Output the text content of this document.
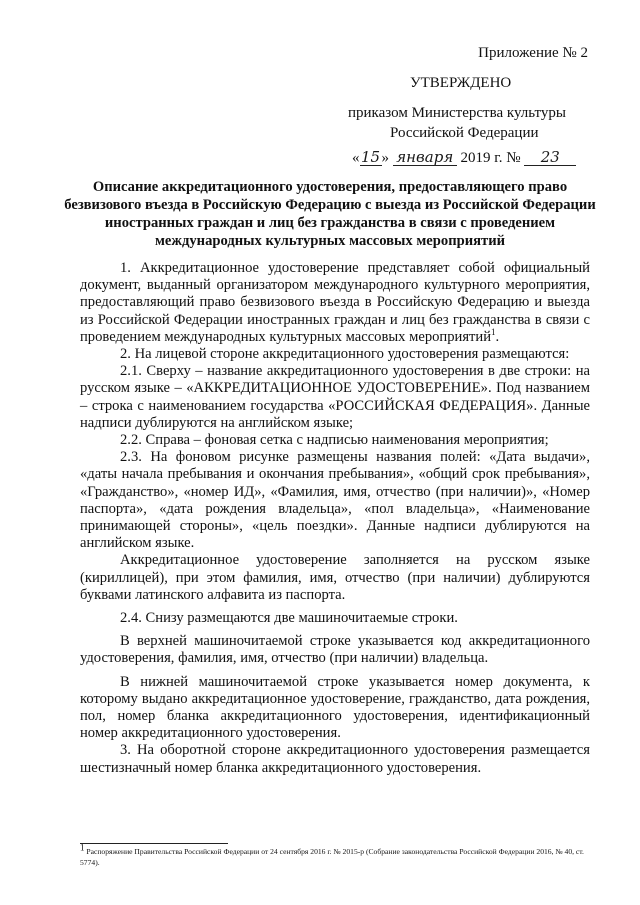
Приложение № 2
УТВЕРЖДЕНО
приказом Министерства культуры
Российской Федерации
«15» января 2019 г. № 23
Описание аккредитационного удостоверения, предоставляющего право безвизового въезда в Российскую Федерацию с выезда из Российской Федерации иностранных граждан и лиц без гражданства в связи с проведением международных культурных массовых мероприятий

1. Аккредитационное удостоверение представляет собой официальный документ, выданный организатором международного культурного мероприятия, предоставляющий право безвизового въезда в Российскую Федерацию и выезда из Российской Федерации иностранных граждан и лиц без гражданства в связи с проведением международных культурных массовых мероприятий$^1$.

2. На лицевой стороне аккредитационного удостоверения размещаются:

2.1. Сверху – название аккредитационного удостоверения в две строки: на русском языке – «АККРЕДИТАЦИОННОЕ УДОСТОВЕРЕНИЕ». Под названием – строка с наименованием государства «РОССИЙСКАЯ ФЕДЕРАЦИЯ». Данные надписи дублируются на английском языке;

2.2. Справа – фоновая сетка с надписью наименования мероприятия;

2.3. На фоновом рисунке размещены названия полей: «Дата выдачи», «даты начала пребывания и окончания пребывания», «общий срок пребывания», «Гражданство», «номер ИД», «Фамилия, имя, отчество (при наличии)», «Номер паспорта», «дата рождения владельца», «пол владельца», «Наименование принимающей стороны», «цель поездки». Данные надписи дублируются на английском языке.

Аккредитационное удостоверение заполняется на русском языке (кириллицей), при этом фамилия, имя, отчество (при наличии) дублируются буквами латинского алфавита из паспорта.

2.4. Снизу размещаются две машиночитаемые строки.

В верхней машиночитаемой строке указывается код аккредитационного удостоверения, фамилия, имя, отчество (при наличии) владельца.

В нижней машиночитаемой строке указывается номер документа, к которому выдано аккредитационное удостоверение, гражданство, дата рождения, пол, номер бланка аккредитационного удостоверения, идентификационный номер аккредитационного удостоверения.

3. На оборотной стороне аккредитационного удостоверения размещается шестизначный номер бланка аккредитационного удостоверения.

$^1$ Распоряжение Правительства Российской Федерации от 24 сентября 2016 г. № 2015-р (Собрание законодательства Российской Федерации 2016, № 40, ст. 5774).
